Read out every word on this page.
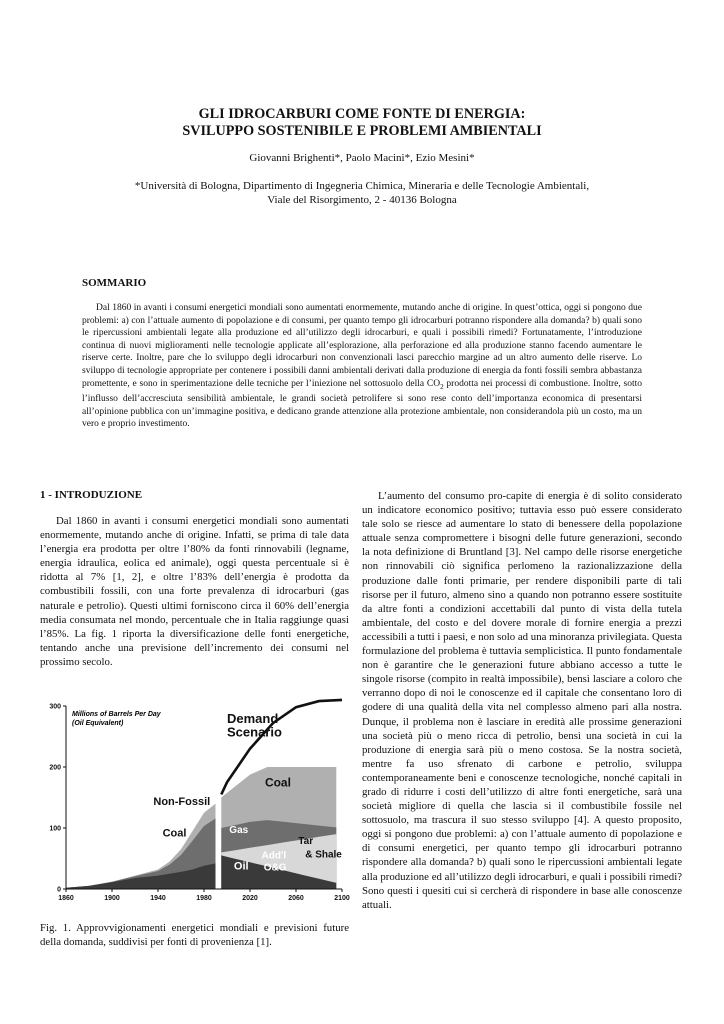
GLI IDROCARBURI COME FONTE DI ENERGIA:
SVILUPPO SOSTENIBILE E PROBLEMI AMBIENTALI
Giovanni Brighenti*, Paolo Macini*, Ezio Mesini*
*Università di Bologna, Dipartimento di Ingegneria Chimica, Mineraria e delle Tecnologie Ambientali,
Viale del Risorgimento, 2 - 40136 Bologna
SOMMARIO
Dal 1860 in avanti i consumi energetici mondiali sono aumentati enormemente, mutando anche di origine. In quest’ottica, oggi si pongono due problemi: a) con l’attuale aumento di popolazione e di consumi, per quanto tempo gli idrocarburi potranno rispondere alla domanda? b) quali sono le ripercussioni ambientali legate alla produzione ed all’utilizzo degli idrocarburi, e quali i possibili rimedi? Fortunatamente, l’introduzione continua di nuovi miglioramenti nelle tecnologie applicate all’esplorazione, alla perforazione ed alla produzione stanno facendo aumentare le riserve certe. Inoltre, pare che lo sviluppo degli idrocarburi non convenzionali lasci parecchio margine ad un altro aumento delle riserve. Lo sviluppo di tecnologie appropriate per contenere i possibili danni ambientali derivati dalla produzione di energia da fonti fossili sembra abbastanza promettente, e sono in sperimentazione delle tecniche per l’iniezione nel sottosuolo della $CO_2$ prodotta nei processi di combustione. Inoltre, sotto l’influsso dell’accresciuta sensibilità ambientale, le grandi società petrolifere si sono rese conto dell’importanza economica di presentarsi all’opinione pubblica con un’immagine positiva, e dedicano grande attenzione alla protezione ambientale, non considerandola più un costo, ma un vero e proprio investimento.
1 - INTRODUZIONE
Dal 1860 in avanti i consumi energetici mondiali sono aumentati enormemente, mutando anche di origine. Infatti, se prima di tale data l’energia era prodotta per oltre l’80% da fonti rinnovabili (legname, energia idraulica, eolica ed animale), oggi questa percentuale si è ridotta al 7% [1, 2], e oltre l’83% dell’energia è prodotta da combustibili fossili, con una forte prevalenza di idrocarburi (gas naturale e petrolio). Questi ultimi forniscono circa il 60% dell’energia media consumata nel mondo, percentuale che in Italia raggiunge quasi l’85%. La fig. 1 riporta la diversificazione delle fonti energetiche, tentando anche una previsione dell’incremento dei consumi nel prossimo secolo.
0
100
200
300
1860	1900	1940	1980	2020	2060	2100
Millions of Barrels Per Day
(Oil Equivalent)	Demand
Scenario
Coal
Non-Fossil
Coal	Gas
Add'l
O&G
Tar
& Shale
Oil
Fig. 1. Approvvigionamenti energetici mondiali e previsioni future della domanda, suddivisi per fonti di provenienza [1].
L’aumento del consumo pro-capite di energia è di solito considerato un indicatore economico positivo; tuttavia esso può essere considerato tale solo se riesce ad aumentare lo stato di benessere della popolazione attuale senza compromettere i bisogni delle future generazioni, secondo la nota definizione di Bruntland [3]. Nel campo delle risorse energetiche non rinnovabili ciò significa perlomeno la razionalizzazione della produzione dalle fonti primarie, per rendere disponibili parte di tali risorse per il futuro, almeno sino a quando non potranno essere sostituite da altre fonti a condizioni accettabili dal punto di vista della tutela ambientale, del costo e del dovere morale di fornire energia a prezzi accessibili a tutti i paesi, e non solo ad una minoranza privilegiata. Questa formulazione del problema è tuttavia semplicistica. Il punto fondamentale non è garantire che le generazioni future abbiano accesso a tutte le singole risorse (compito in realtà impossibile), bensì lasciare a coloro che verranno dopo di noi le conoscenze ed il capitale che consentano loro di godere di una qualità della vita nel complesso almeno pari alla nostra. Dunque, il problema non è lasciare in eredità alle prossime generazioni una società più o meno ricca di petrolio, bensì una società in cui la produzione di energia sarà più o meno costosa. Se la nostra società, mentre fa uso sfrenato di carbone e petrolio, sviluppa contemporaneamente beni e conoscenze tecnologiche, nonché capitali in grado di ridurre i costi dell’utilizzo di altre fonti energetiche, sarà una società migliore di quella che lascia si il combustibile fossile nel sottosuolo, ma trascura il suo stesso sviluppo [4]. A questo proposito, oggi si pongono due problemi: a) con l’attuale aumento di popolazione e di consumi energetici, per quanto tempo gli idrocarburi potranno rispondere alla domanda? b) quali sono le ripercussioni ambientali legate alla produzione ed all’utilizzo degli idrocarburi, e quali i possibili rimedi? Sono questi i quesiti cui si cercherà di rispondere in base alle conoscenze attuali.
